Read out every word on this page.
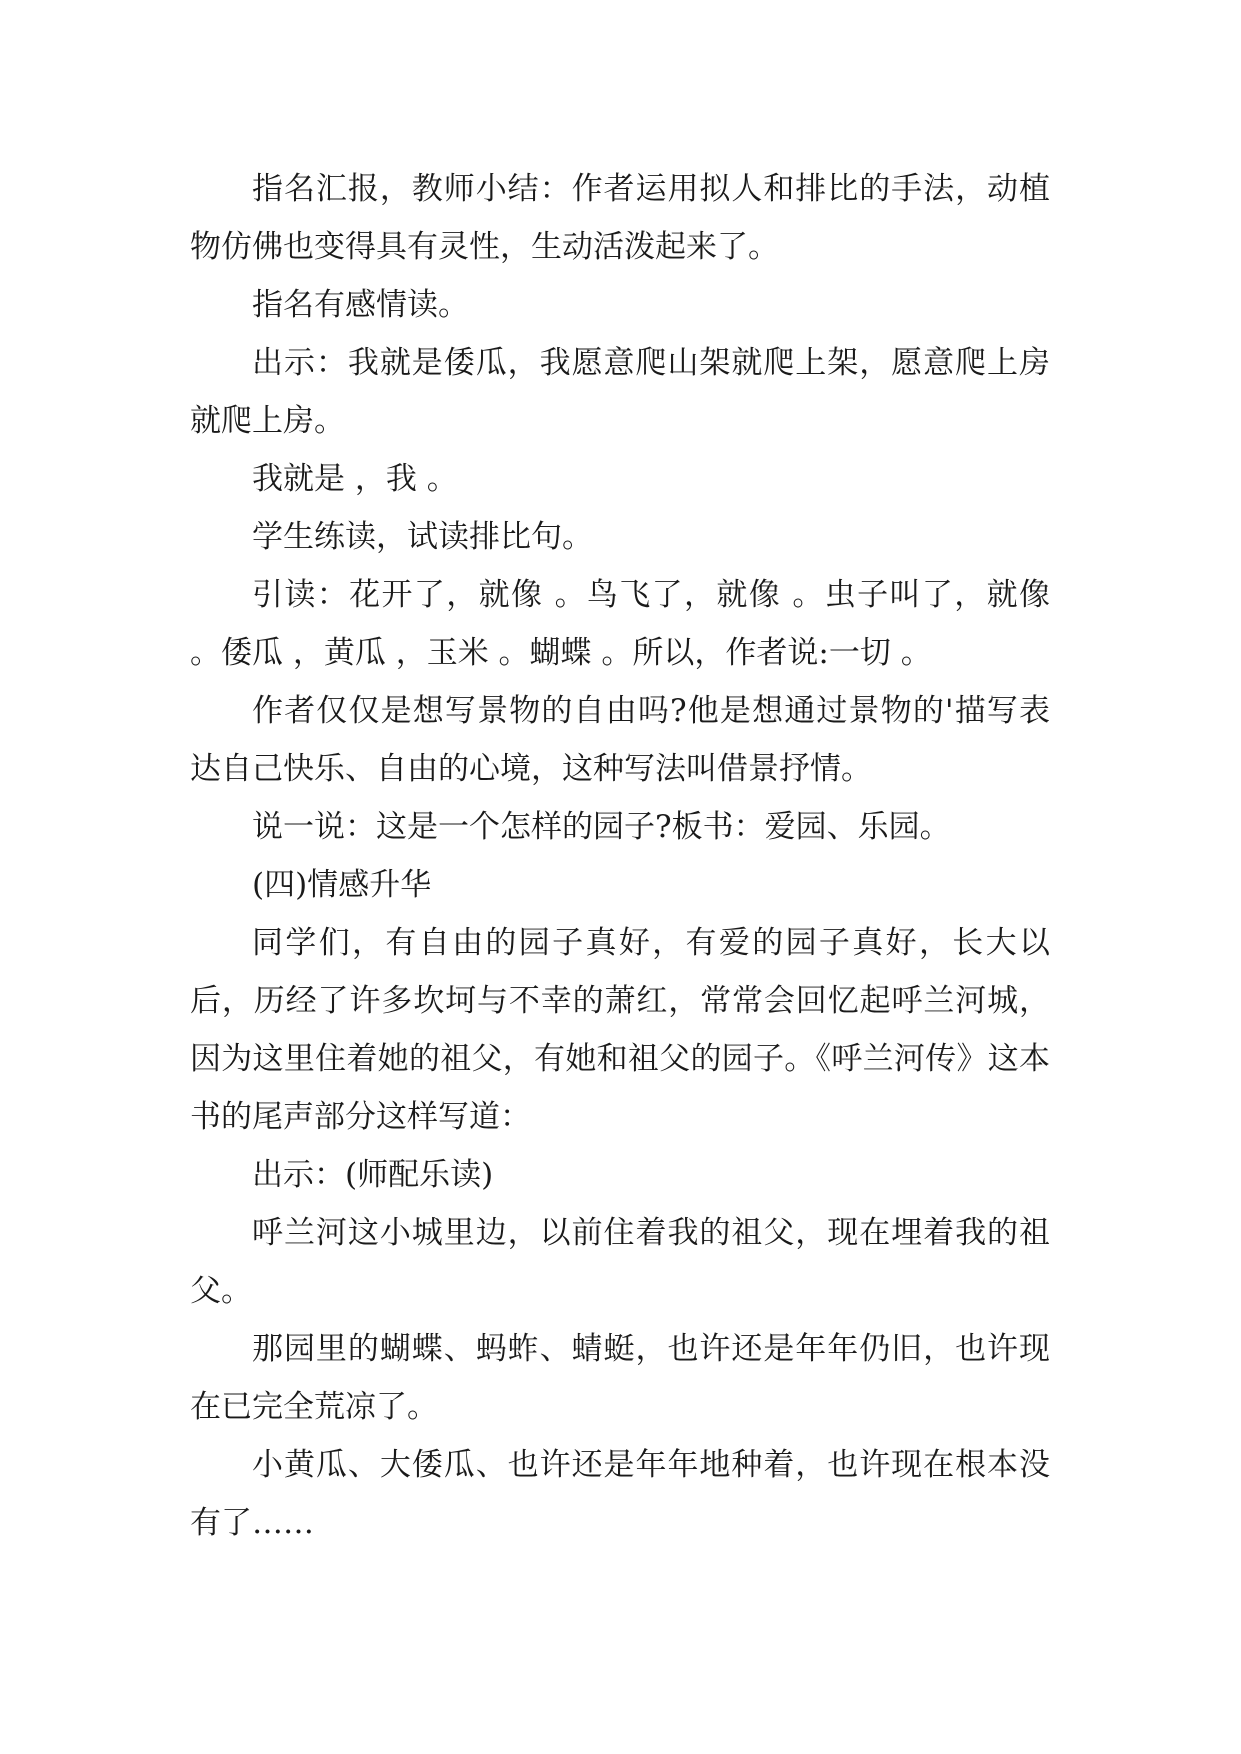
指名汇报，教师小结：作者运用拟人和排比的手法，动植物仿佛也变得具有灵性，生动活泼起来了。

指名有感情读。

出示：我就是倭瓜，我愿意爬山架就爬上架，愿意爬上房就爬上房。

我就是 ，我 。

学生练读，试读排比句。

引读：花开了，就像 。鸟飞了，就像 。虫子叫了，就像 。倭瓜 ，黄瓜 ，玉米 。蝴蝶 。所以，作者说:一切 。

作者仅仅是想写景物的自由吗?他是想通过景物的'描写表达自己快乐、自由的心境，这种写法叫借景抒情。

说一说：这是一个怎样的园子?板书：爱园、乐园。

(四)情感升华

同学们，有自由的园子真好，有爱的园子真好，长大以后，历经了许多坎坷与不幸的萧红，常常会回忆起呼兰河城，因为这里住着她的祖父，有她和祖父的园子。《呼兰河传》这本书的尾声部分这样写道：

出示：(师配乐读)

呼兰河这小城里边，以前住着我的祖父，现在埋着我的祖父。

那园里的蝴蝶、蚂蚱、蜻蜓，也许还是年年仍旧，也许现在已完全荒凉了。

小黄瓜、大倭瓜、也许还是年年地种着，也许现在根本没有了……
